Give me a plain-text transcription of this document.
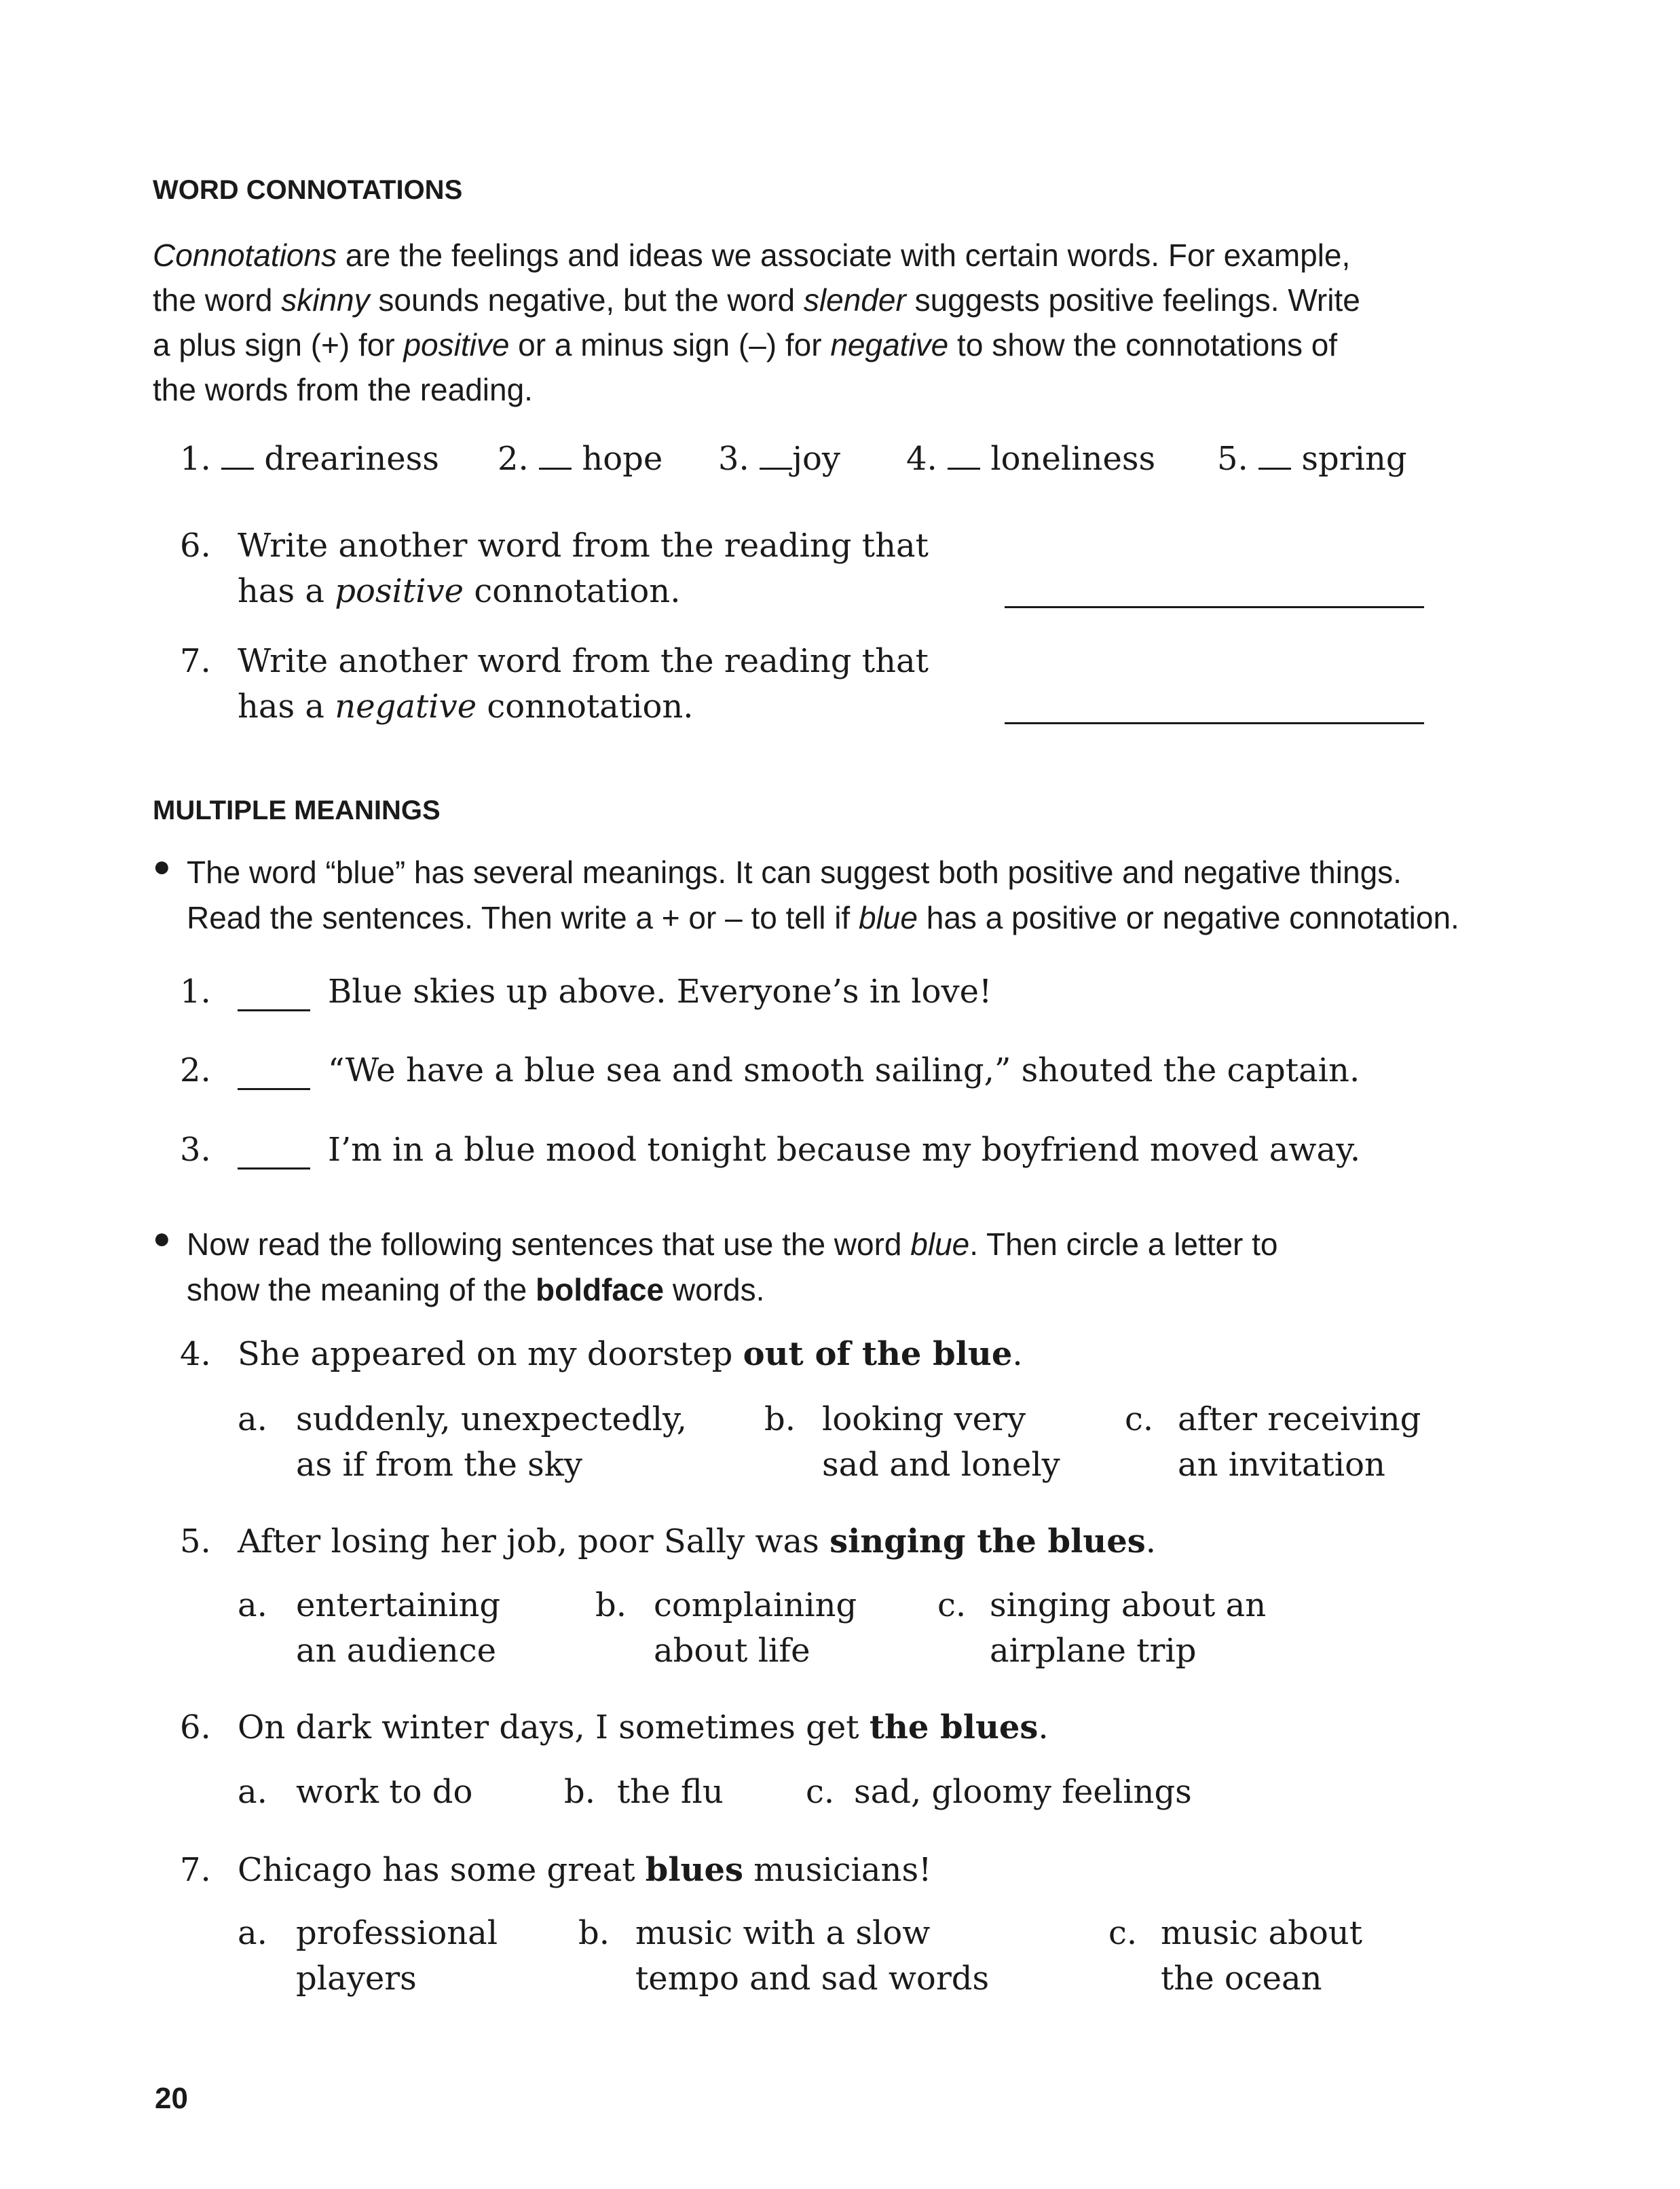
WORD CONNOTATIONS
Connotations are the feelings and ideas we associate with certain words. For example,
the word skinny sounds negative, but the word slender suggests positive feelings. Write
a plus sign (+) for positive or a minus sign (–) for negative to show the connotations of
the words from the reading.
1. dreariness 2. hope 3. joy 4. loneliness 5. spring
6. Write another word from the reading that
has a positive connotation.
7. Write another word from the reading that
has a negative connotation.
MULTIPLE MEANINGS
● The word “blue” has several meanings. It can suggest both positive and negative things.
Read the sentences. Then write a + or – to tell if blue has a positive or negative connotation.
1.	Blue skies up above. Everyone’s in love!
2.	“We have a blue sea and smooth sailing,” shouted the captain.
3.	I’m in a blue mood tonight because my boyfriend moved away.
● Now read the following sentences that use the word blue. Then circle a letter to
show the meaning of the boldface words.
4. She appeared on my doorstep out of the blue.
a. suddenly, unexpectedly,
as if from the sky
b. looking very
sad and lonely
c. after receiving
an invitation
5. After losing her job, poor Sally was singing the blues.
a. entertaining
an audience
b. complaining
about life
c. singing about an
airplane trip
6. On dark winter days, I sometimes get the blues.
a. work to do	b. the flu	c. sad, gloomy feelings
7. Chicago has some great blues musicians!
a. professional
players
b. music with a slow
tempo and sad words
c. music about
the ocean
20
